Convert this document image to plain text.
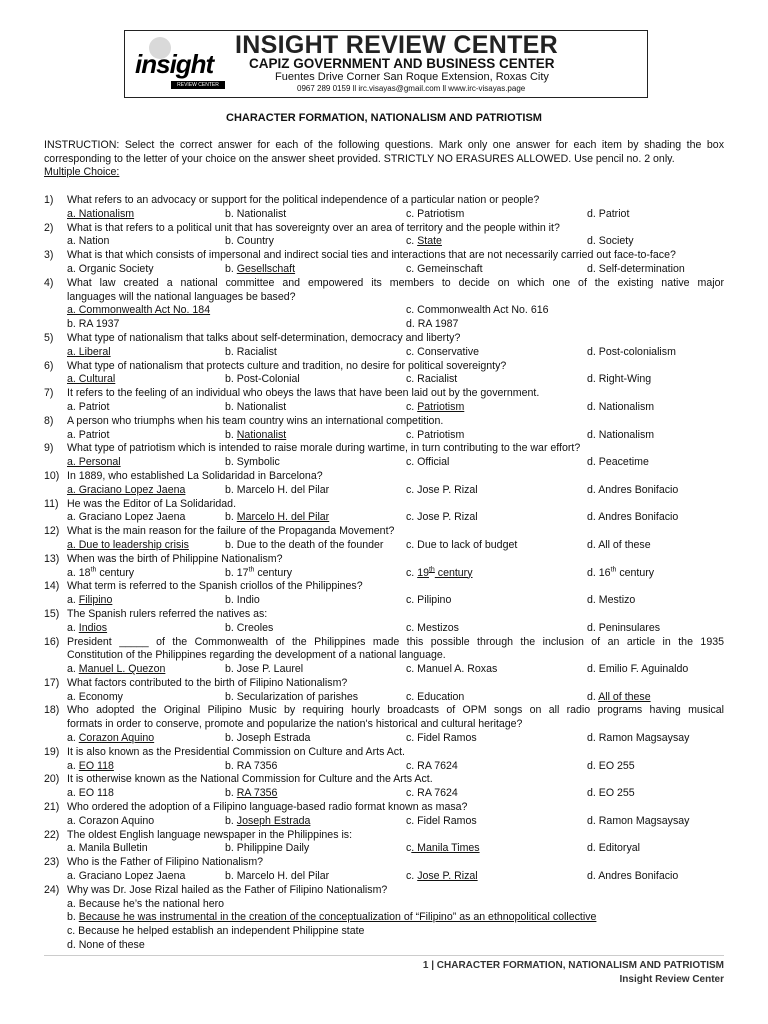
insight
REVIEW CENTER
INSIGHT REVIEW CENTER
CAPIZ GOVERNMENT AND BUSINESS CENTER
Fuentes Drive Corner San Roque Extension, Roxas City
0967 289 0159 ll irc.visayas@gmail.com ll www.irc-visayas.page
CHARACTER FORMATION, NATIONALISM AND PATRIOTISM
INSTRUCTION: Select the correct answer for each of the following questions. Mark only one answer for each item by shading the box corresponding to the letter of your choice on the answer sheet provided. STRICTLY NO ERASURES ALLOWED. Use pencil no. 2 only.
Multiple Choice:
1) What refers to an advocacy or support for the political independence of a particular nation or people?
a. Nationalism	b. Nationalist	c. Patriotism	d. Patriot
2) What is that refers to a political unit that has sovereignty over an area of territory and the people within it?
a. Nation	b. Country	c. State	d. Society
3) What is that which consists of impersonal and indirect social ties and interactions that are not necessarily carried out face-to-face?
a. Organic Society	b. Gesellschaft	c. Gemeinschaft	d. Self-determination
4) What law created a national committee and empowered its members to decide on which one of the existing native major
languages will the national languages be based?
a. Commonwealth Act No. 184	c. Commonwealth Act No. 616
b. RA 1937	d. RA 1987
5) What type of nationalism that talks about self-determination, democracy and liberty?
a. Liberal	b. Racialist	c. Conservative	d. Post-colonialism
6) What type of nationalism that protects culture and tradition, no desire for political sovereignty?
a. Cultural	b. Post-Colonial	c. Racialist	d. Right-Wing
7) It refers to the feeling of an individual who obeys the laws that have been laid out by the government.
a. Patriot	b. Nationalist	c. Patriotism	d. Nationalism
8) A person who triumphs when his team country wins an international competition.
a. Patriot	b. Nationalist	c. Patriotism	d. Nationalism
9) What type of patriotism which is intended to raise morale during wartime, in turn contributing to the war effort?
a. Personal	b. Symbolic	c. Official	d. Peacetime
10) In 1889, who established La Solidaridad in Barcelona?
a. Graciano Lopez Jaena	b. Marcelo H. del Pilar	c. Jose P. Rizal	d. Andres Bonifacio
11) He was the Editor of La Solidaridad.
a. Graciano Lopez Jaena	b. Marcelo H. del Pilar	c. Jose P. Rizal	d. Andres Bonifacio
12) What is the main reason for the failure of the Propaganda Movement?
a. Due to leadership crisis	b. Due to the death of the founder c. Due to lack of budget	d. All of these
13) When was the birth of Philippine Nationalism?
a. 18th century	b. 17th century	c. 19th century	d. 16th century
14) What term is referred to the Spanish criollos of the Philippines?
a. Filipino	b. Indio	c. Pilipino	d. Mestizo
15) The Spanish rulers referred the natives as:
a. Indios	b. Creoles	c. Mestizos	d. Peninsulares
16) President _____ of the Commonwealth of the Philippines made this possible through the inclusion of an article in the 1935
Constitution of the Philippines regarding the development of a national language.
a. Manuel L. Quezon	b. Jose P. Laurel	c. Manuel A. Roxas	d. Emilio F. Aguinaldo
17) What factors contributed to the birth of Filipino Nationalism?
a. Economy	b. Secularization of parishes	c. Education	d. All of these
18) Who adopted the Original Pilipino Music by requiring hourly broadcasts of OPM songs on all radio programs having musical
formats in order to conserve, promote and popularize the nation's historical and cultural heritage?
a. Corazon Aquino	b. Joseph Estrada	c. Fidel Ramos	d. Ramon Magsaysay
19) It is also known as the Presidential Commission on Culture and Arts Act.
a. EO 118	b. RA 7356	c. RA 7624	d. EO 255
20) It is otherwise known as the National Commission for Culture and the Arts Act.
a. EO 118	b. RA 7356	c. RA 7624	d. EO 255
21) Who ordered the adoption of a Filipino language-based radio format known as masa?
a. Corazon Aquino	b. Joseph Estrada	c. Fidel Ramos	d. Ramon Magsaysay
22) The oldest English language newspaper in the Philippines is:
a. Manila Bulletin	b. Philippine Daily	c. Manila Times	d. Editoryal
23) Who is the Father of Filipino Nationalism?
a. Graciano Lopez Jaena	b. Marcelo H. del Pilar	c. Jose P. Rizal	d. Andres Bonifacio
24) Why was Dr. Jose Rizal hailed as the Father of Filipino Nationalism?
a. Because he’s the national hero
b. Because he was instrumental in the creation of the conceptualization of “Filipino” as an ethnopolitical collective
c. Because he helped establish an independent Philippine state
d. None of these
1 | CHARACTER FORMATION, NATIONALISM AND PATRIOTISM
Insight Review Center
